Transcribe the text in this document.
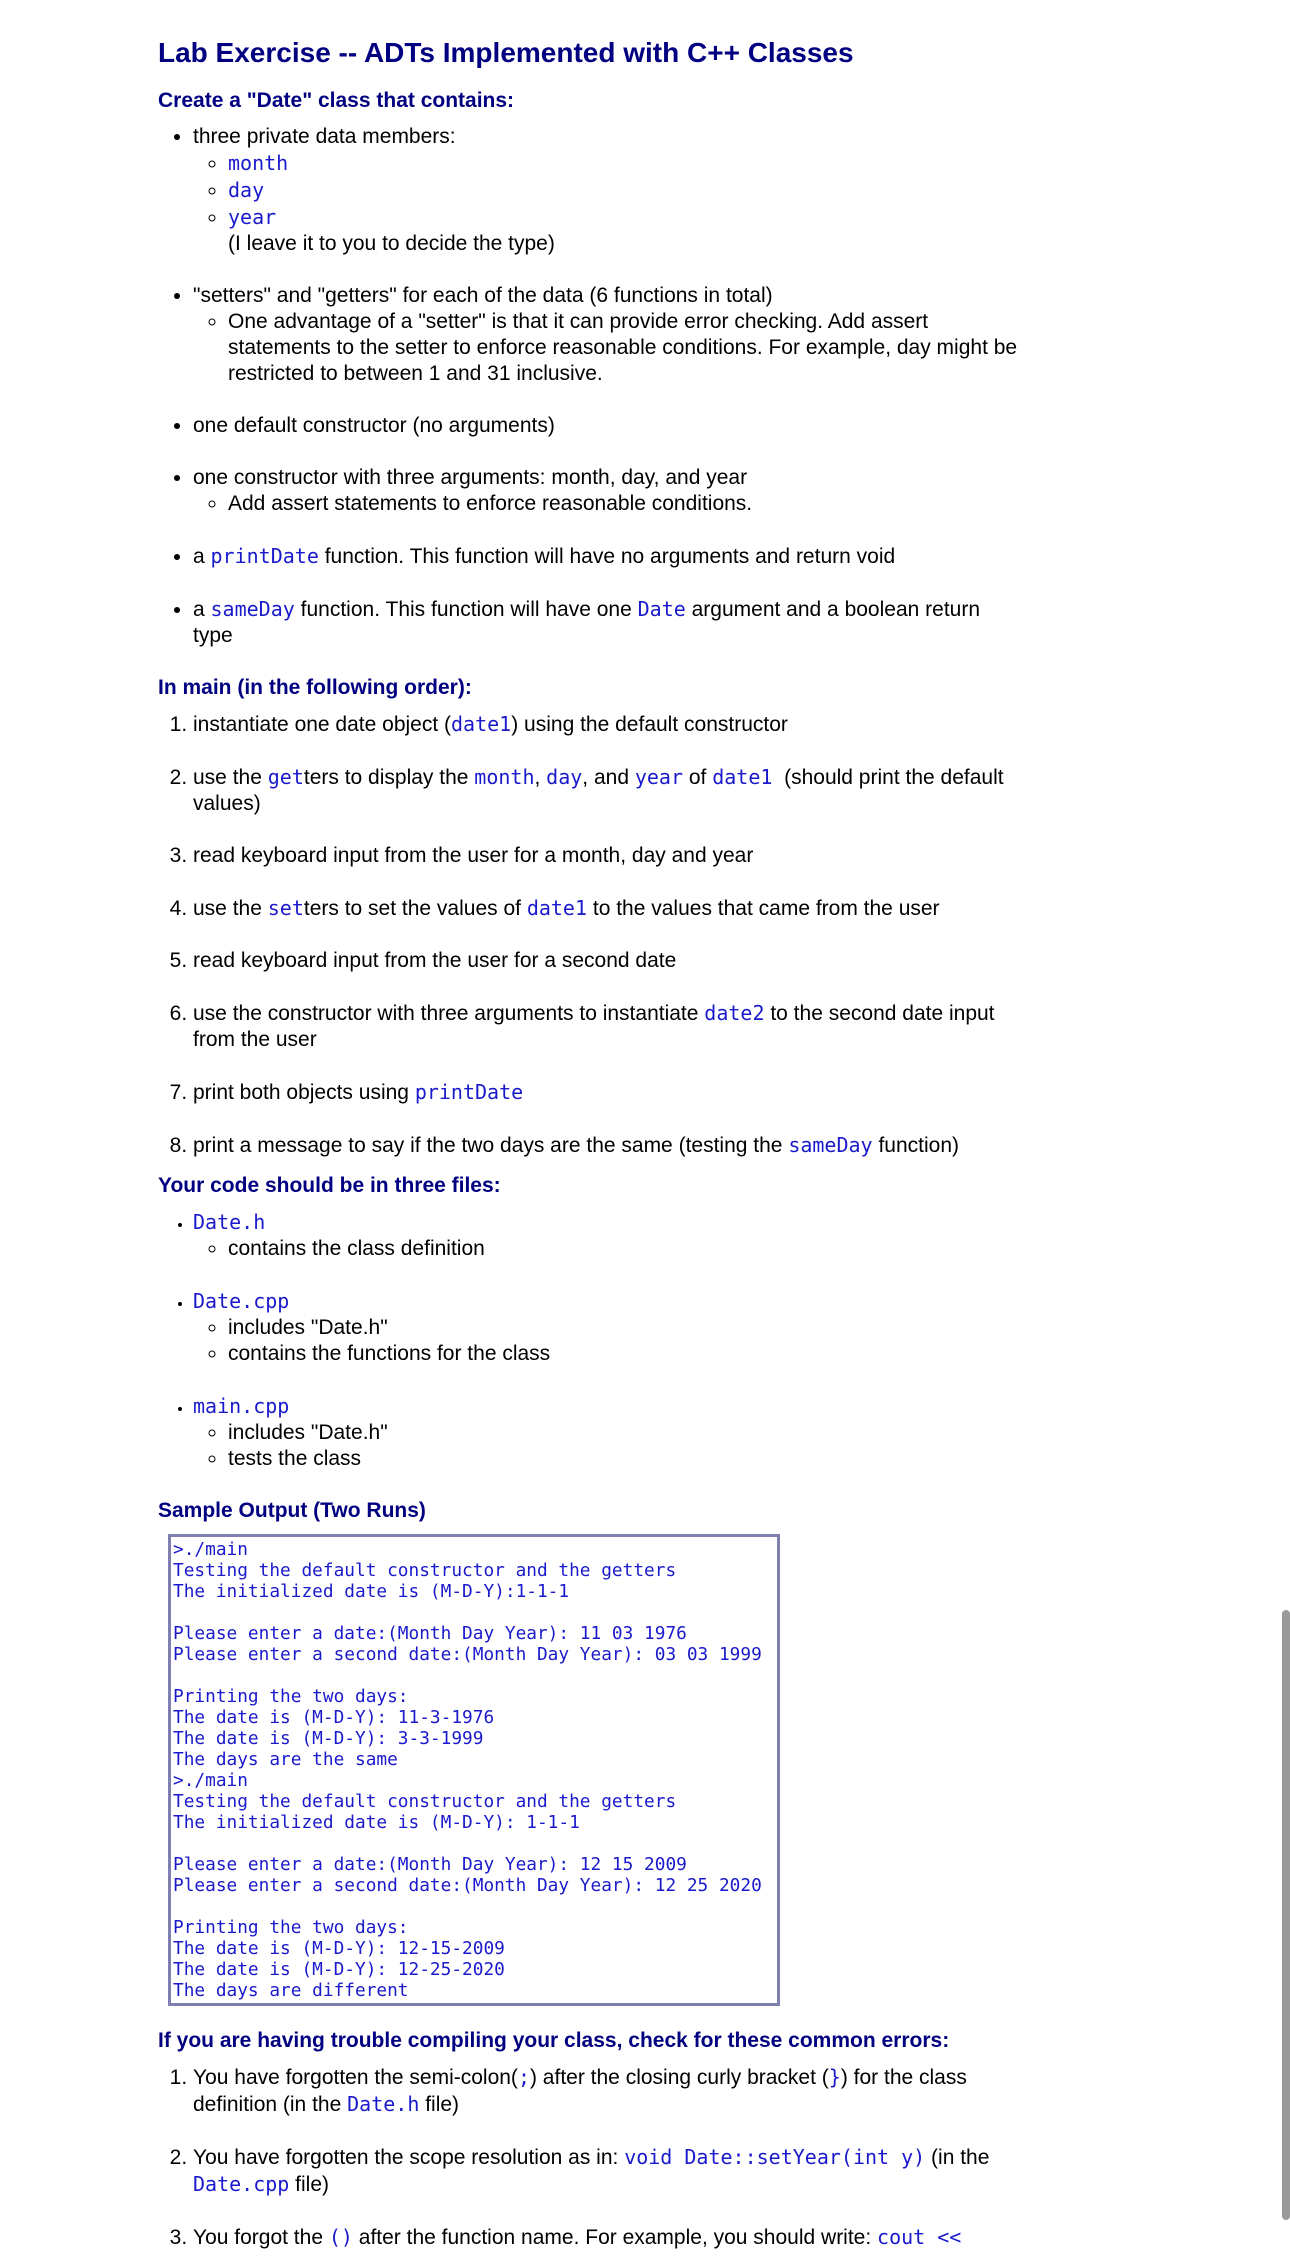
Lab Exercise -- ADTs Implemented with C++ Classes
Create a "Date" class that contains:
• three private data members:
◦ month
◦ day
◦ year
(I leave it to you to decide the type)
• "setters" and "getters" for each of the data (6 functions in total)
◦ One advantage of a "setter" is that it can provide error checking. Add assert statements to the setter to enforce reasonable conditions. For example, day might be restricted to between 1 and 31 inclusive.
• one default constructor (no arguments)
• one constructor with three arguments: month, day, and year
◦ Add assert statements to enforce reasonable conditions.
• a printDate function. This function will have no arguments and return void
• a sameDay function. This function will have one Date argument and a boolean return type
In main (in the following order):
1. instantiate one date object (date1) using the default constructor
2. use the getters to display the month, day, and year of date1  (should print the default values)
3. read keyboard input from the user for a month, day and year
4. use the setters to set the values of date1 to the values that came from the user
5. read keyboard input from the user for a second date
6. use the constructor with three arguments to instantiate date2 to the second date input from the user
7. print both objects using printDate
8. print a message to say if the two days are the same (testing the sameDay function)
Your code should be in three files:
• Date.h
◦ contains the class definition
• Date.cpp
◦ includes "Date.h"
◦ contains the functions for the class
• main.cpp
◦ includes "Date.h"
◦ tests the class
Sample Output (Two Runs)
>./main
Testing the default constructor and the getters
The initialized date is (M-D-Y):1-1-1

Please enter a date:(Month Day Year): 11 03 1976
Please enter a second date:(Month Day Year): 03 03 1999

Printing the two days:
The date is (M-D-Y): 11-3-1976
The date is (M-D-Y): 3-3-1999
The days are the same
>./main
Testing the default constructor and the getters
The initialized date is (M-D-Y): 1-1-1

Please enter a date:(Month Day Year): 12 15 2009
Please enter a second date:(Month Day Year): 12 25 2020

Printing the two days:
The date is (M-D-Y): 12-15-2009
The date is (M-D-Y): 12-25-2020
The days are different
If you are having trouble compiling your class, check for these common errors:
1. You have forgotten the semi-colon(;) after the closing curly bracket (}) for the class definition (in the Date.h file)
2. You have forgotten the scope resolution as in: void Date::setYear(int y) (in the Date.cpp file)
3. You forgot the () after the function name. For example, you should write: cout <<
